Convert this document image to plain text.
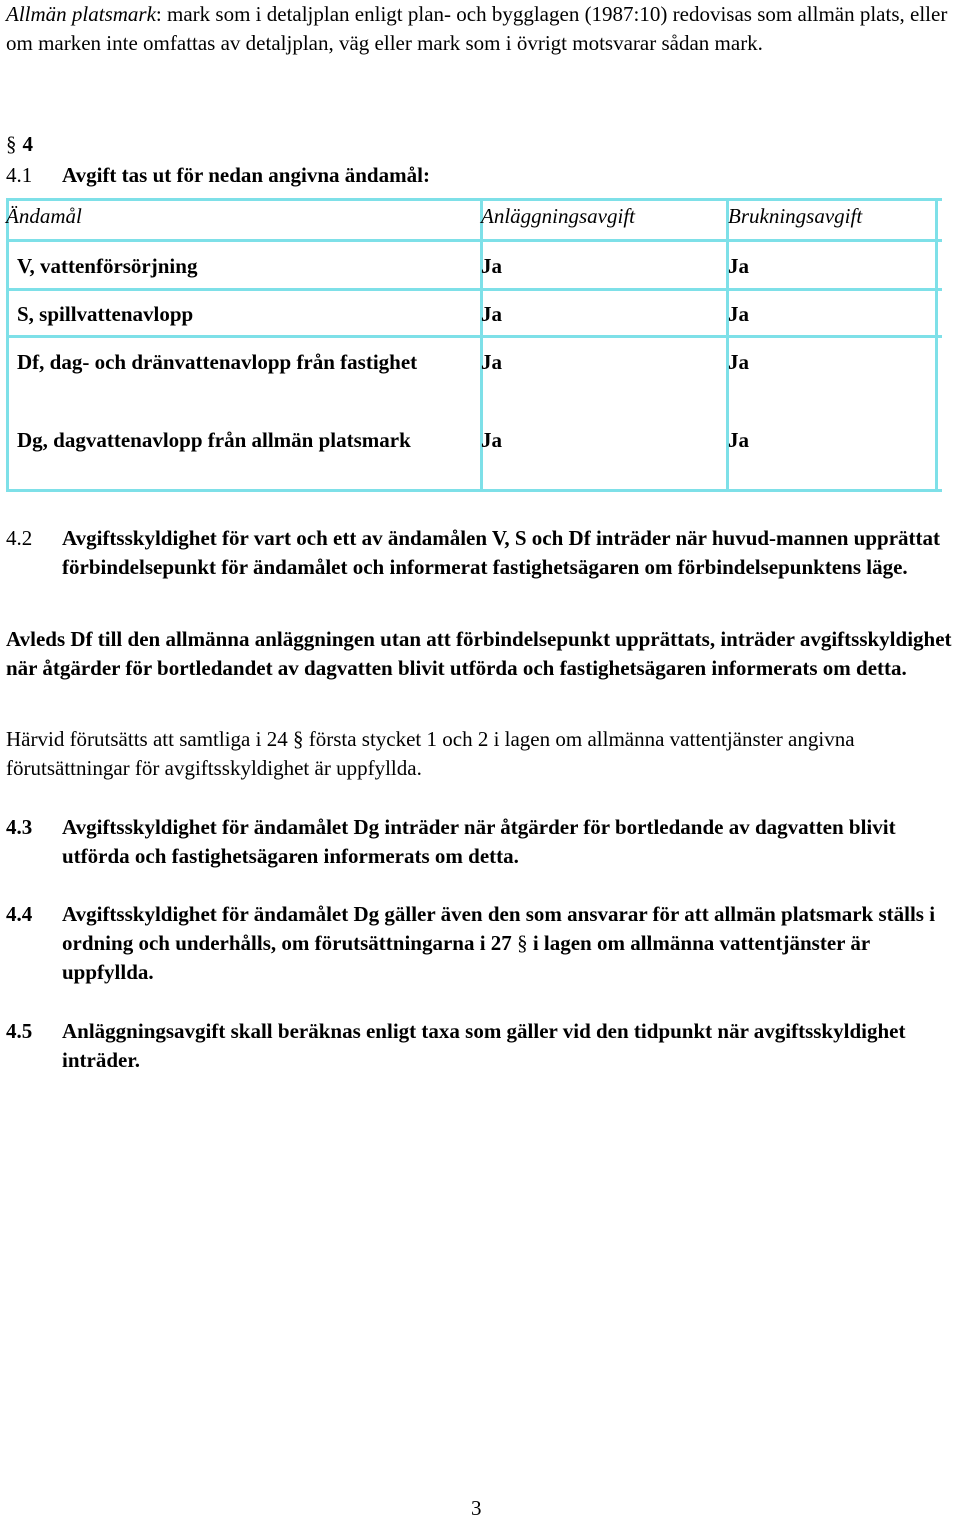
Allmän platsmark: mark som i detaljplan enligt plan- och bygglagen (1987:10) redovisas som allmän plats, eller om marken inte omfattas av detaljplan, väg eller mark som i övrigt motsvarar sådan mark.
§ 4
4.1	Avgift tas ut för nedan angivna ändamål:
Ändamål	Anläggningsavgift	Brukningsavgift
V, vattenförsörjning	Ja	Ja
S, spillvattenavlopp	Ja	Ja
Df, dag- och dränvattenavlopp från fastighet	Ja	Ja
Dg, dagvattenavlopp från allmän platsmark	Ja	Ja
4.2	Avgiftsskyldighet för vart och ett av ändamålen V, S och Df inträder när huvud-mannen upprättat förbindelsepunkt för ändamålet och informerat fastighetsägaren om förbindelsepunktens läge.
Avleds Df till den allmänna anläggningen utan att förbindelsepunkt upprättats, inträder avgiftsskyldighet när åtgärder för bortledandet av dagvatten blivit utförda och fastighetsägaren informerats om detta.
Härvid förutsätts att samtliga i 24 § första stycket 1 och 2 i lagen om allmänna vattentjänster angivna förutsättningar för avgiftsskyldighet är uppfyllda.
4.3	Avgiftsskyldighet för ändamålet Dg inträder när åtgärder för bortledande av dagvatten blivit utförda och fastighetsägaren informerats om detta.
4.4	Avgiftsskyldighet för ändamålet Dg gäller även den som ansvarar för att allmän platsmark ställs i ordning och underhålls, om förutsättningarna i 27 § i lagen om allmänna vattentjänster är uppfyllda.
4.5	Anläggningsavgift skall beräknas enligt taxa som gäller vid den tidpunkt när avgiftsskyldighet inträder.
3
